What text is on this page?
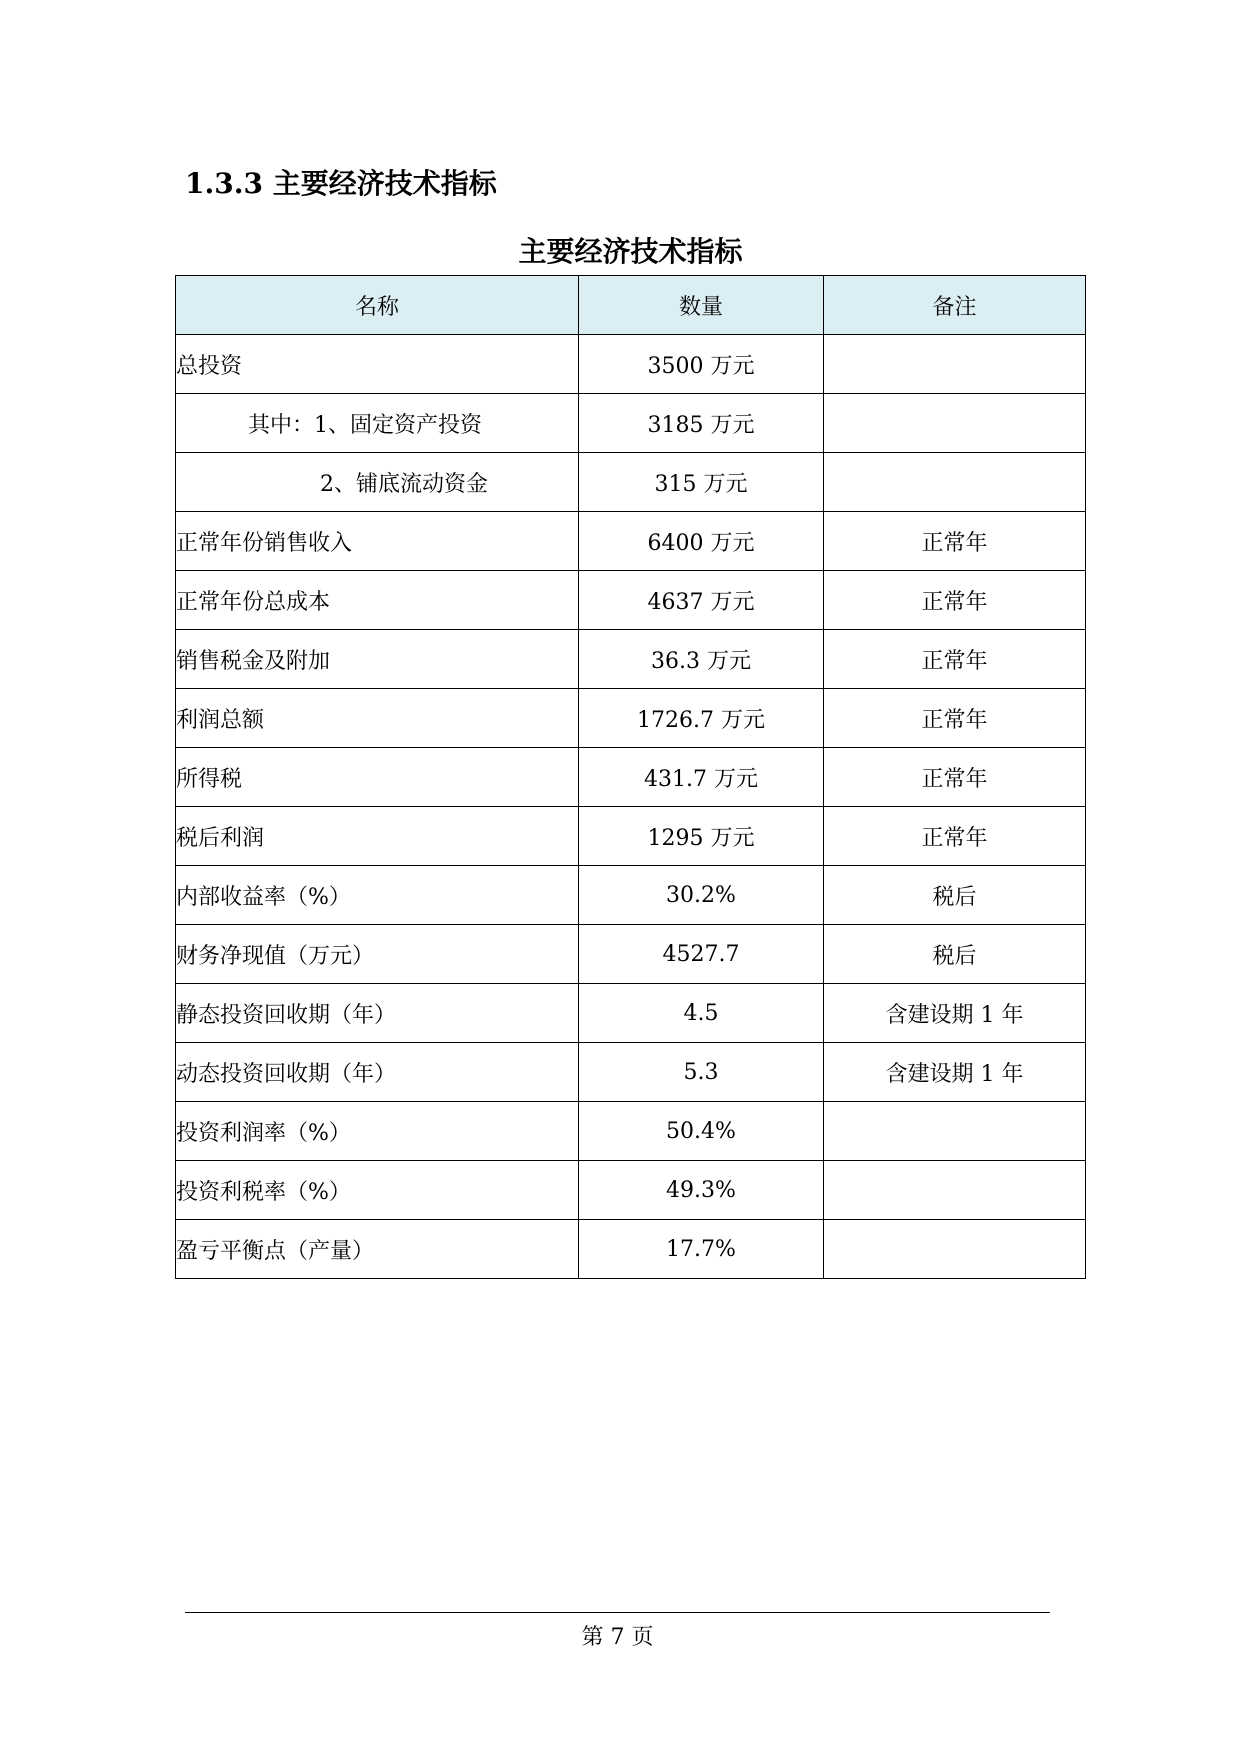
1.3.3 主要经济技术指标
主要经济技术指标
名称	数量	备注
总投资	3500 万元	
其中：1、固定资产投资	3185 万元	
2、铺底流动资金	315 万元	
正常年份销售收入	6400 万元	正常年
正常年份总成本	4637 万元	正常年
销售税金及附加	36.3 万元	正常年
利润总额	1726.7 万元	正常年
所得税	431.7 万元	正常年
税后利润	1295 万元	正常年
内部收益率（%）	30.2%	税后
财务净现值（万元）	4527.7	税后
静态投资回收期（年）	4.5	含建设期 1 年
动态投资回收期（年）	5.3	含建设期 1 年
投资利润率（%）	50.4%	
投资利税率（%）	49.3%	
盈亏平衡点（产量）	17.7%	

第 7 页
